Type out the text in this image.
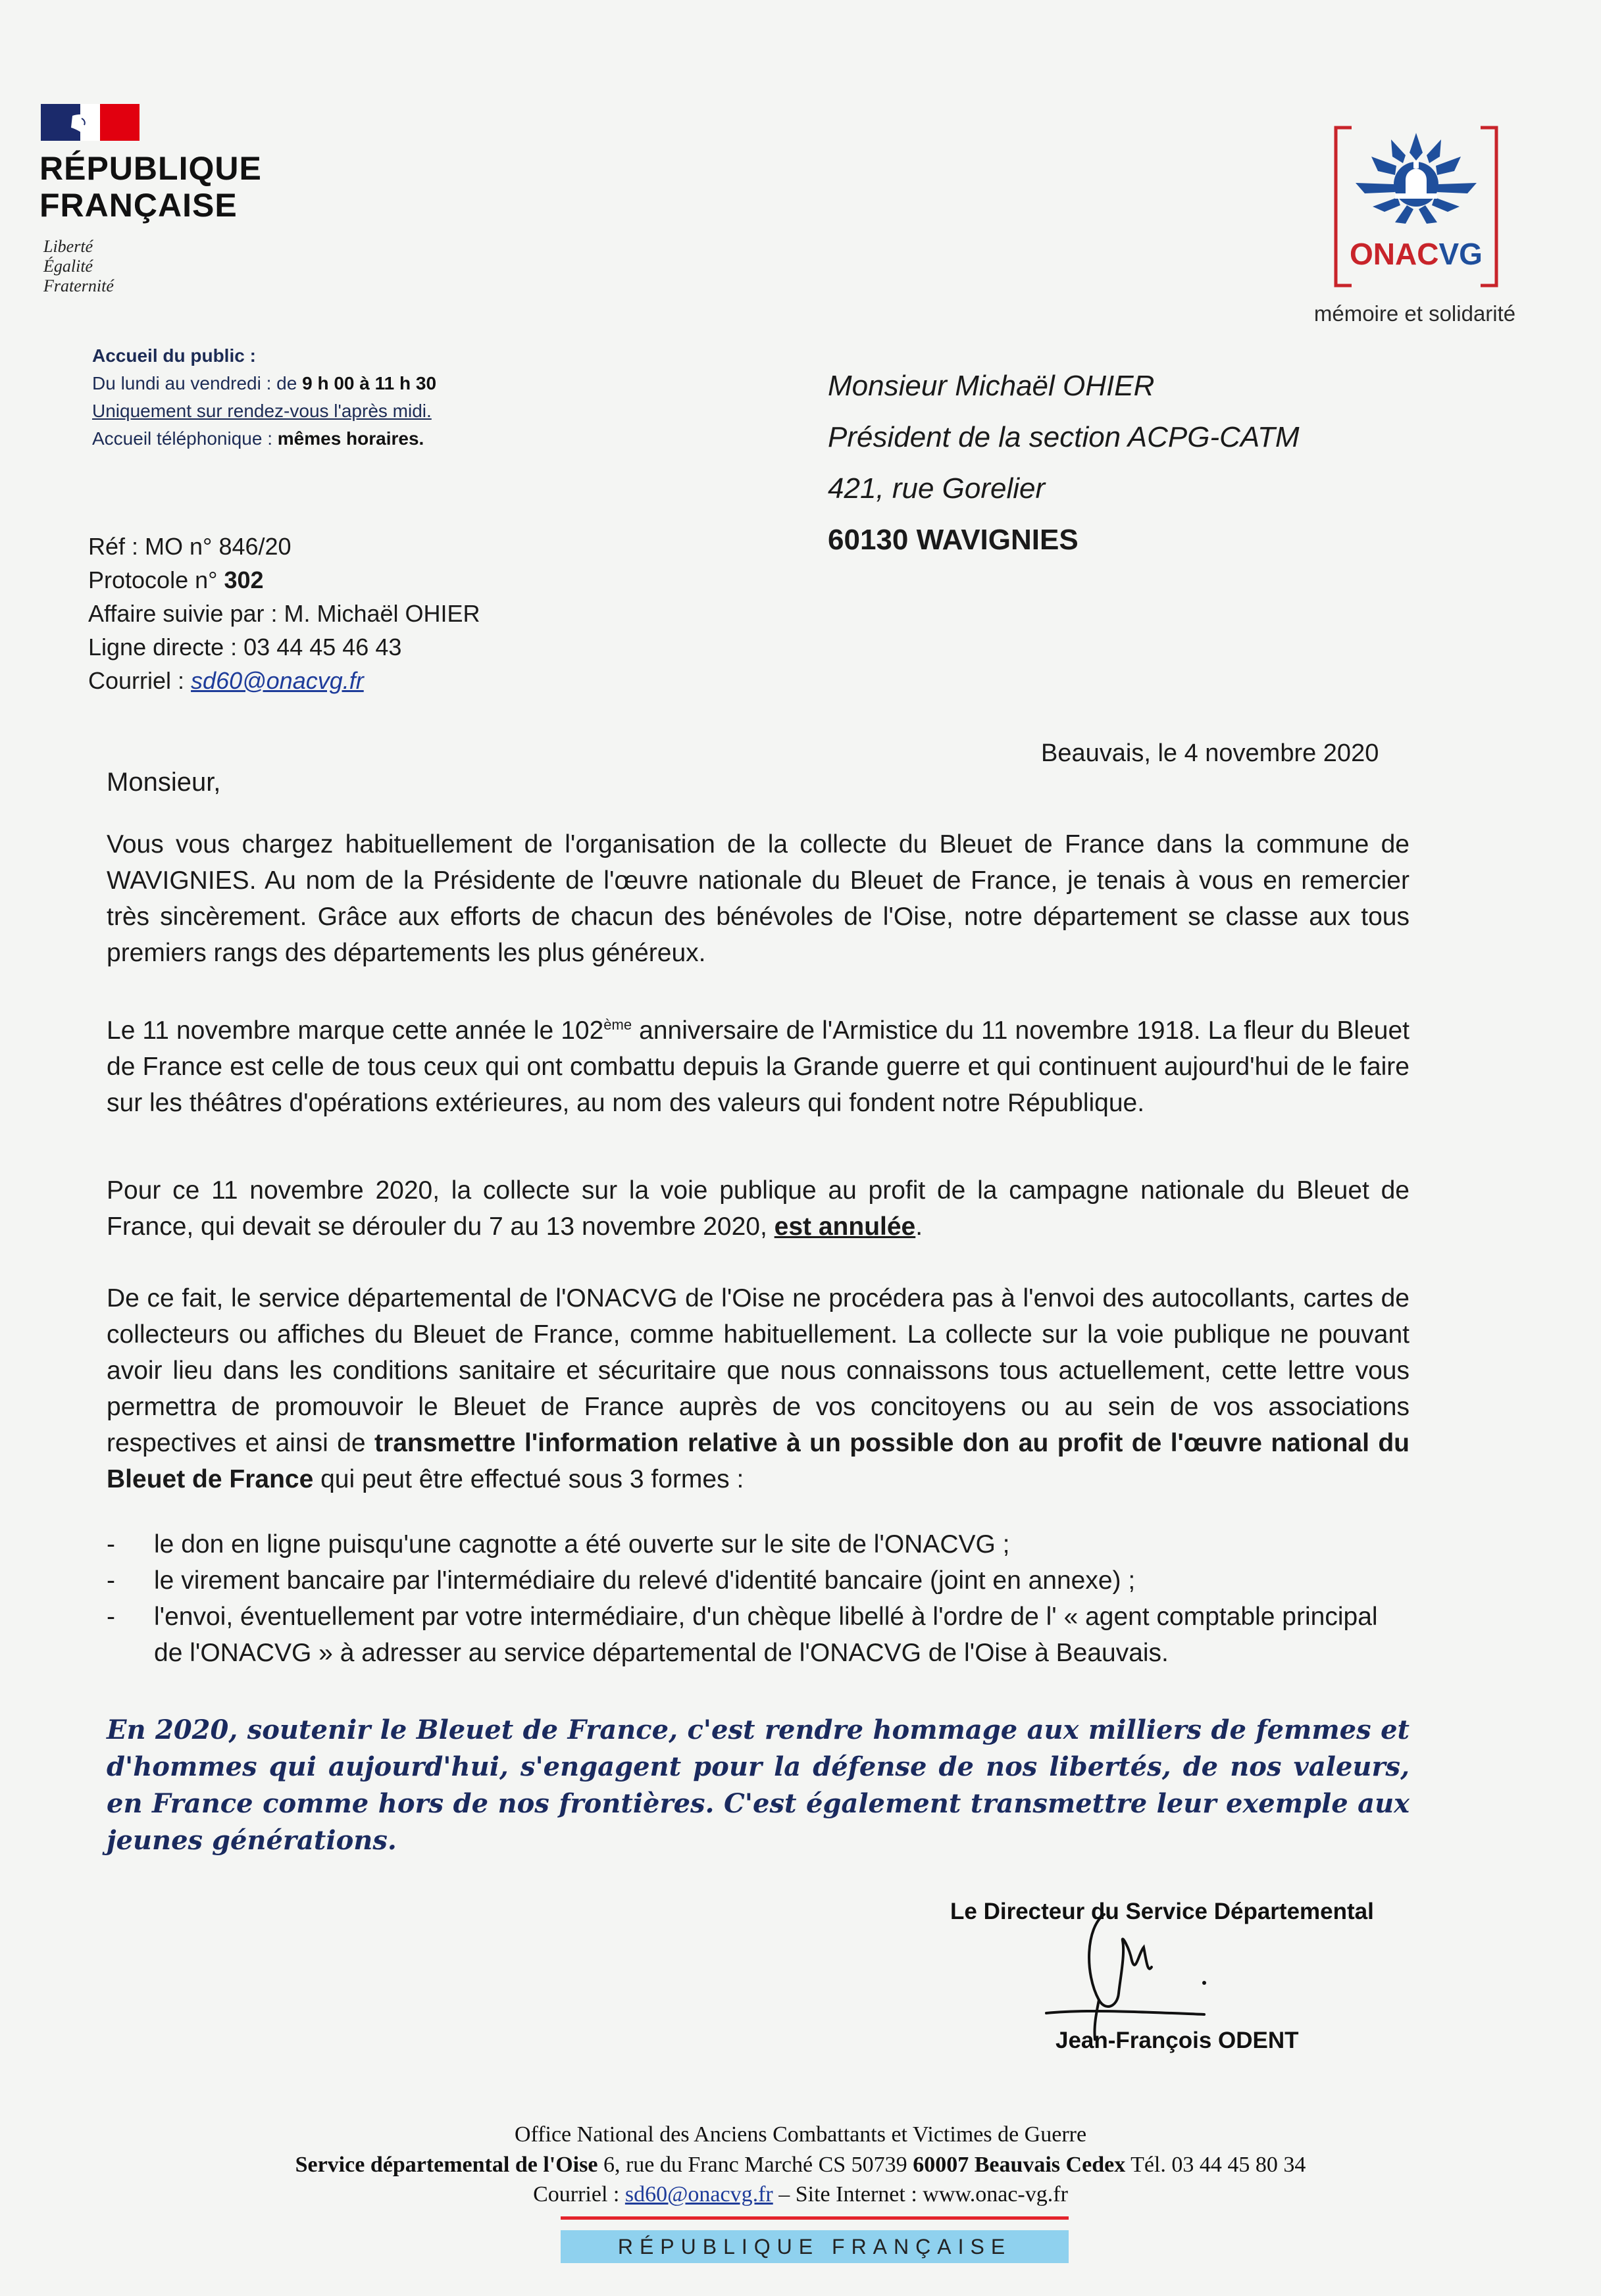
RÉPUBLIQUE
FRANÇAISE
Liberté
Égalité
Fraternité
ONACVG
mémoire et solidarité
Accueil du public :
Du lundi au vendredi : de 9 h 00 à 11 h 30
Uniquement sur rendez-vous l'après midi.
Accueil téléphonique : mêmes horaires.
Monsieur Michaël OHIER
Président de la section ACPG-CATM
421, rue Gorelier
60130 WAVIGNIES
Réf : MO n° 846/20
Protocole n° 302
Affaire suivie par : M. Michaël OHIER
Ligne directe : 03 44 45 46 43
Courriel : sd60@onacvg.fr
Beauvais, le 4 novembre 2020
Monsieur,
Vous vous chargez habituellement de l'organisation de la collecte du Bleuet de France dans la commune de WAVIGNIES. Au nom de la Présidente de l'œuvre nationale du Bleuet de France, je tenais à vous en remercier très sincèrement. Grâce aux efforts de chacun des bénévoles de l'Oise, notre département se classe aux tous premiers rangs des départements les plus généreux.
Le 11 novembre marque cette année le 102ème anniversaire de l'Armistice du 11 novembre 1918. La fleur du Bleuet de France est celle de tous ceux qui ont combattu depuis la Grande guerre et qui continuent aujourd'hui de le faire sur les théâtres d'opérations extérieures, au nom des valeurs qui fondent notre République.
Pour ce 11 novembre 2020, la collecte sur la voie publique au profit de la campagne nationale du Bleuet de France, qui devait se dérouler du 7 au 13 novembre 2020, est annulée.
De ce fait, le service départemental de l'ONACVG de l'Oise ne procédera pas à l'envoi des autocollants, cartes de collecteurs ou affiches du Bleuet de France, comme habituellement. La collecte sur la voie publique ne pouvant avoir lieu dans les conditions sanitaire et sécuritaire que nous connaissons tous actuellement, cette lettre vous permettra de promouvoir le Bleuet de France auprès de vos concitoyens ou au sein de vos associations respectives et ainsi de transmettre l'information relative à un possible don au profit de l'œuvre national du Bleuet de France qui peut être effectué sous 3 formes :
-	le don en ligne puisqu'une cagnotte a été ouverte sur le site de l'ONACVG ;
-	le virement bancaire par l'intermédiaire du relevé d'identité bancaire (joint en annexe) ;
-	l'envoi, éventuellement par votre intermédiaire, d'un chèque libellé à l'ordre de l' « agent comptable principal de l'ONACVG » à adresser au service départemental de l'ONACVG de l'Oise à Beauvais.
En 2020, soutenir le Bleuet de France, c'est rendre hommage aux milliers de femmes et d'hommes qui aujourd'hui, s'engagent pour la défense de nos libertés, de nos valeurs, en France comme hors de nos frontières. C'est également transmettre leur exemple aux jeunes générations.
Le Directeur du Service Départemental
Jean-François ODENT
Office National des Anciens Combattants et Victimes de Guerre
Service départemental de l'Oise 6, rue du Franc Marché CS 50739 60007 Beauvais Cedex Tél. 03 44 45 80 34
Courriel : sd60@onacvg.fr – Site Internet : www.onac-vg.fr
RÉPUBLIQUE FRANÇAISE
